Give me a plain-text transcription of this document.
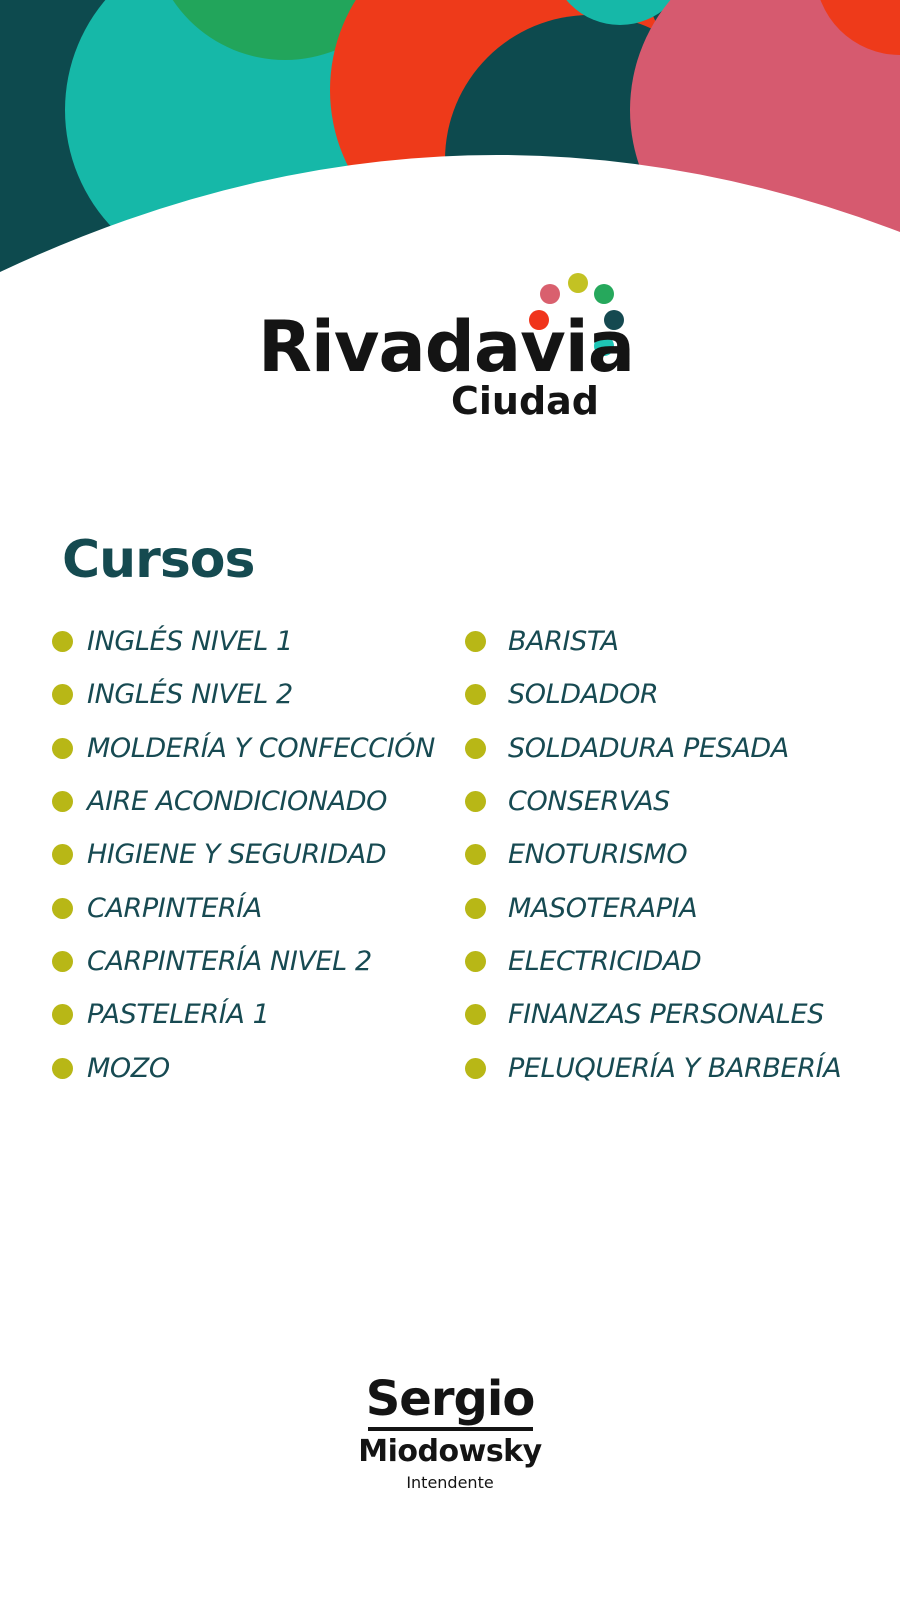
Rivadavia
Ciudad
Cursos
INGLÉS NIVEL 1
INGLÉS NIVEL 2
MOLDERÍA Y CONFECCIÓN
AIRE ACONDICIONADO
HIGIENE Y SEGURIDAD
CARPINTERÍA
CARPINTERÍA NIVEL 2
PASTELERÍA 1
MOZO
BARISTA
SOLDADOR
SOLDADURA PESADA
CONSERVAS
ENOTURISMO
MASOTERAPIA
ELECTRICIDAD
FINANZAS PERSONALES
PELUQUERÍA Y BARBERÍA
Sergio
Miodowsky
Intendente
